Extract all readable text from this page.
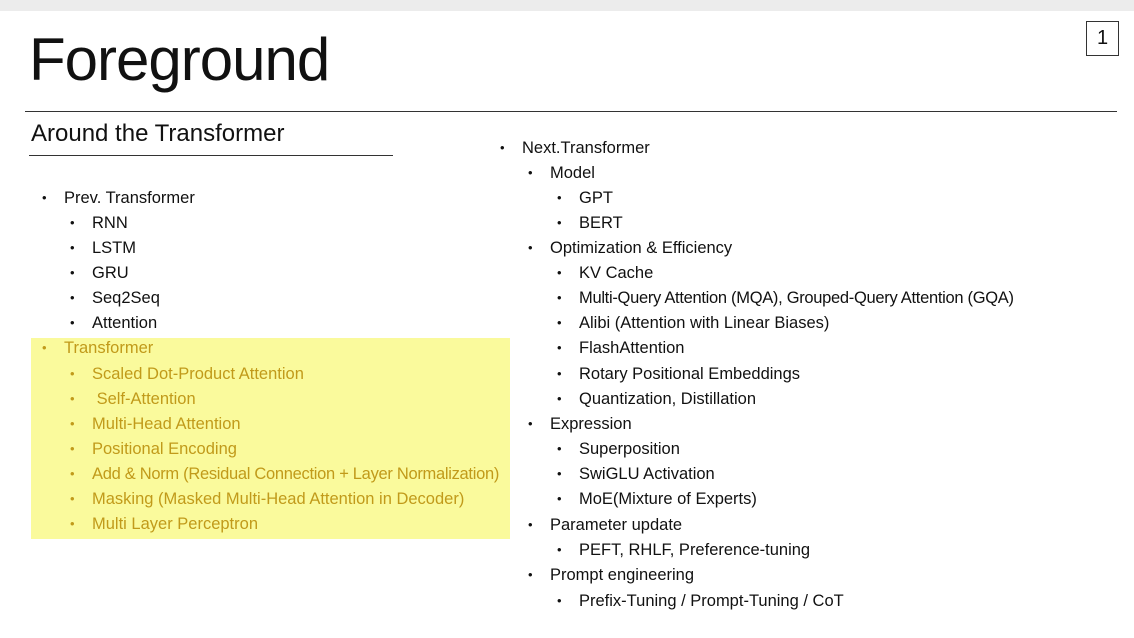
Foreground	1
Around the Transformer
• Prev. Transformer
• RNN
• LSTM
• GRU
• Seq2Seq
• Attention
• Transformer
• Scaled Dot-Product Attention
• Self-Attention
• Multi-Head Attention
• Positional Encoding
• Add & Norm (Residual Connection + Layer Normalization)
• Masking (Masked Multi-Head Attention in Decoder)
• Multi Layer Perceptron
• Next.Transformer
• Model
• GPT
• BERT
• Optimization & Efficiency
• KV Cache
• Multi-Query Attention (MQA), Grouped-Query Attention (GQA)
• Alibi (Attention with Linear Biases)
• FlashAttention
• Rotary Positional Embeddings
• Quantization, Distillation
• Expression
• Superposition
• SwiGLU Activation
• MoE(Mixture of Experts)
• Parameter update
• PEFT, RHLF, Preference-tuning
• Prompt engineering
• Prefix-Tuning / Prompt-Tuning / CoT
